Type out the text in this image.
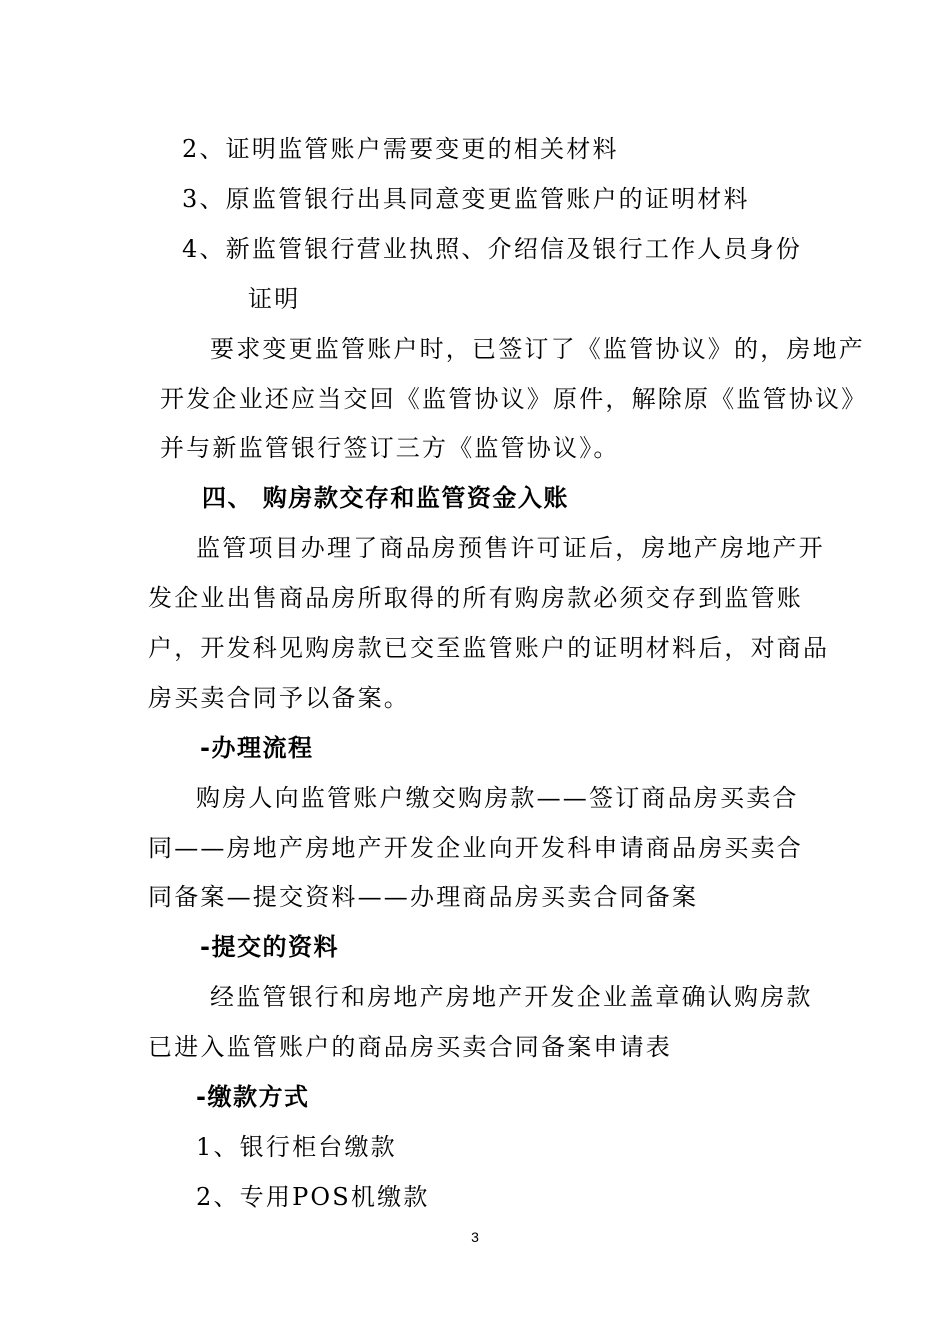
2、证明监管账户需要变更的相关材料

3、原监管银行出具同意变更监管账户的证明材料

4、新监管银行营业执照、介绍信及银行工作人员身份

证明

要求变更监管账户时，已签订了《监管协议》的，房地产

开发企业还应当交回《监管协议》原件，解除原《监管协议》

并与新监管银行签订三方《监管协议》。

四、 购房款交存和监管资金入账

监管项目办理了商品房预售许可证后，房地产房地产开

发企业出售商品房所取得的所有购房款必须交存到监管账

户，开发科见购房款已交至监管账户的证明材料后，对商品

房买卖合同予以备案。

-办理流程

购房人向监管账户缴交购房款——签订商品房买卖合

同——房地产房地产开发企业向开发科申请商品房买卖合

同备案—提交资料——办理商品房买卖合同备案

-提交的资料

经监管银行和房地产房地产开发企业盖章确认购房款

已进入监管账户的商品房买卖合同备案申请表

-缴款方式

1、银行柜台缴款

2、专用POS机缴款

3
